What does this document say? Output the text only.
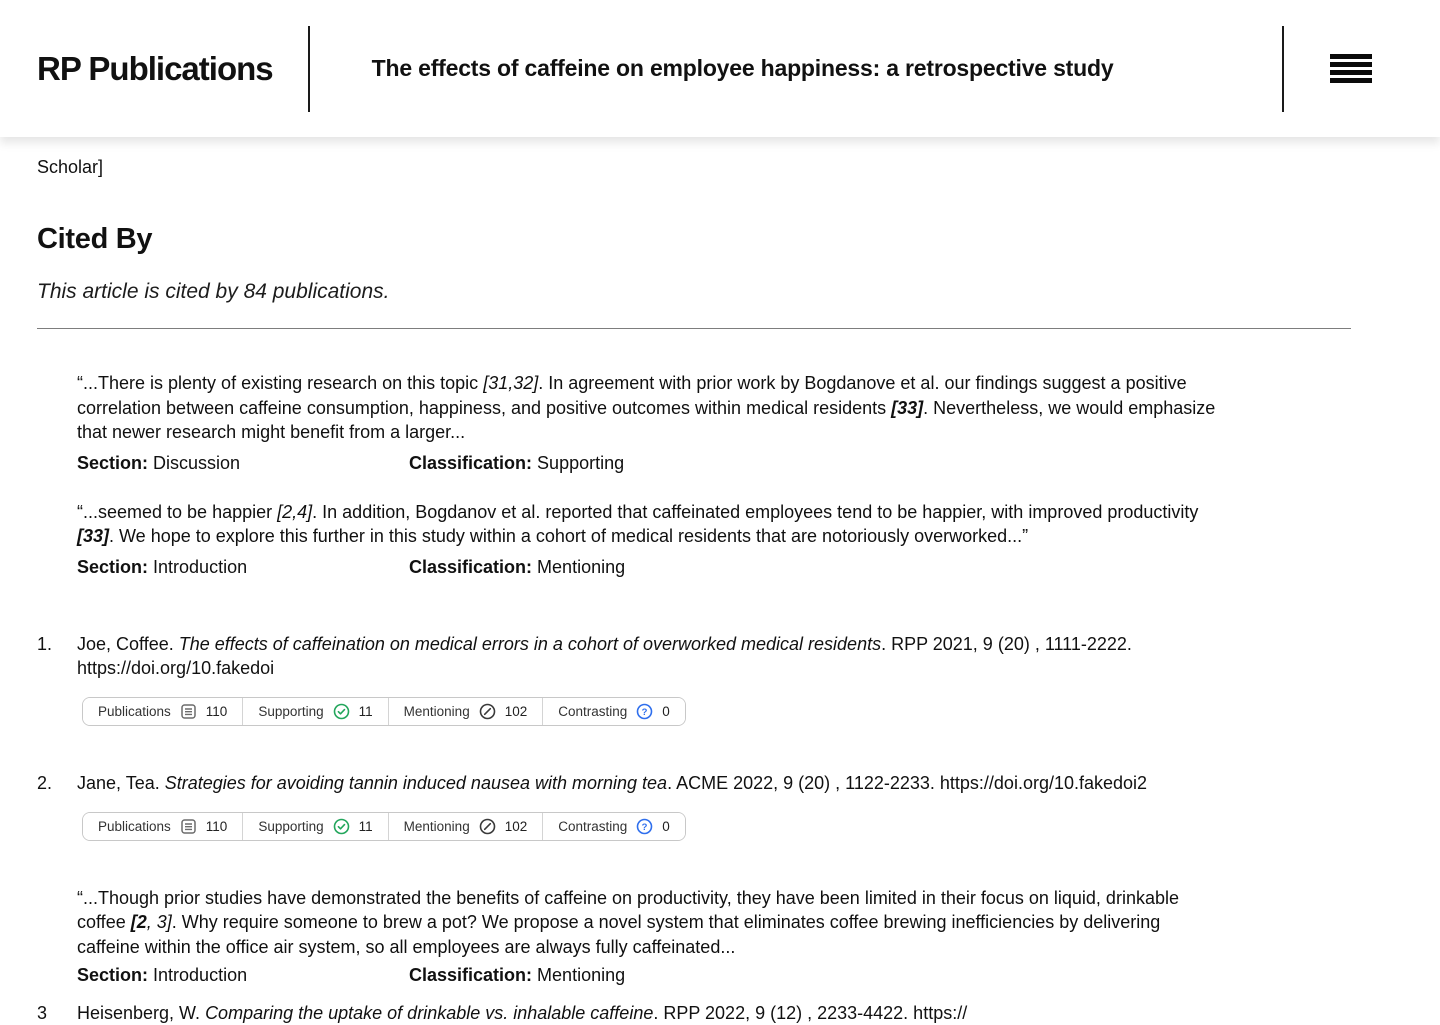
RP Publications	The effects of caffeine on employee happiness: a retrospective study
Scholar]
Cited By

This article is cited by 84 publications.

“...There is plenty of existing research on this topic [31,32]. In agreement with prior work by Bogdanove et al. our findings suggest a positive correlation between caffeine consumption, happiness, and positive outcomes within medical residents [33]. Nevertheless, we would emphasize that newer research might benefit from a larger...

Section: Discussion	Classification: Supporting

“...seemed to be happier [2,4]. In addition, Bogdanov et al. reported that caffeinated employees tend to be happier, with improved productivity [33]. We hope to explore this further in this study within a cohort of medical residents that are notoriously overworked...”

Section: Introduction	Classification: Mentioning
1.	Joe, Coffee. The effects of caffeination on medical errors in a cohort of overworked medical residents. RPP 2021, 9 (20) , 1111-2222. https://doi.org/10.fakedoi

Publications	110 Supporting	11 Mentioning	102 Contrasting ? 0
2.	Jane, Tea. Strategies for avoiding tannin induced nausea with morning tea. ACME 2022, 9 (20) , 1122-2233. https://doi.org/10.fakedoi2

Publications	110 Supporting	11 Mentioning	102 Contrasting ? 0

“...Though prior studies have demonstrated the benefits of caffeine on productivity, they have been limited in their focus on liquid, drinkable coffee [2, 3]. Why require someone to brew a pot? We propose a novel system that eliminates coffee brewing inefficiencies by delivering caffeine within the office air system, so all employees are always fully caffeinated...

Section: Introduction	Classification: Mentioning
3	Heisenberg, W. Comparing the uptake of drinkable vs. inhalable caffeine. RPP 2022, 9 (12) , 2233-4422. https://
